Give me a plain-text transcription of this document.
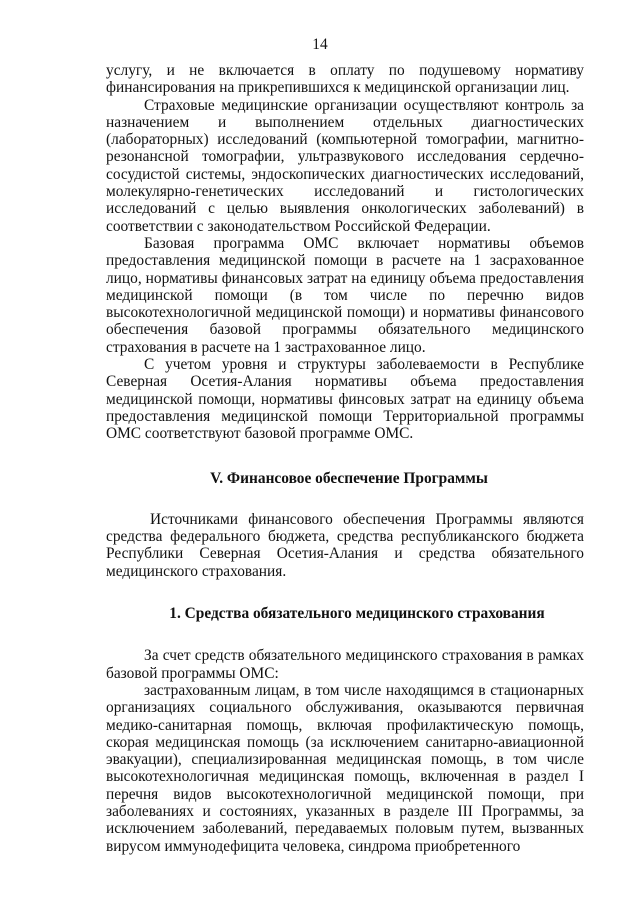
14

услугу, и не включается в оплату по подушевому нормативу финансирования на прикрепившихся к медицинской организации лиц.

Страховые медицинские организации осуществляют контроль за назначением и выполнением отдельных диагностических (лабораторных) исследований (компьютерной томографии, магнитно-резонансной томографии, ультразвукового исследования сердечно-сосудистой системы, эндоскопических диагностических исследований, молекулярно-генетических исследований и гистологических исследований с целью выявления онкологических заболеваний) в соответствии с законодательством Российской Федерации.

Базовая программа ОМС включает нормативы объемов предоставления медицинской помощи в расчете на 1 засрахованное лицо, нормативы финансовых затрат на единицу объема предоставления медицинской помощи (в том числе по перечню видов высокотехнологичной медицинской помощи) и нормативы финансового обеспечения базовой программы обязательного медицинского страхования в расчете на 1 застрахованное лицо.

С учетом уровня и структуры заболеваемости в Республике Северная Осетия-Алания нормативы объема предоставления медицинской помощи, нормативы финсовых затрат на единицу объема предоставления медицинской помощи Территориальной программы ОМС соответствуют базовой программе ОМС.

V. Финансовое обеспечение Программы

Источниками финансового обеспечения Программы являются средства федерального бюджета, средства республиканского бюджета Республики Северная Осетия-Алания и средства обязательного медицинского страхования.

1. Средства обязательного медицинского страхования

За счет средств обязательного медицинского страхования в рамках базовой программы ОМС:

застрахованным лицам, в том числе находящимся в стационарных организациях социального обслуживания, оказываются первичная медико-санитарная помощь, включая профилактическую помощь, скорая медицинская помощь (за исключением санитарно-авиационной эвакуации), специализированная медицинская помощь, в том числе высокотехнологичная медицинская помощь, включенная в раздел I перечня видов высокотехнологичной медицинской помощи, при заболеваниях и состояниях, указанных в разделе III Программы, за исключением заболеваний, передаваемых половым путем, вызванных вирусом иммунодефицита человека, синдрома приобретенного
